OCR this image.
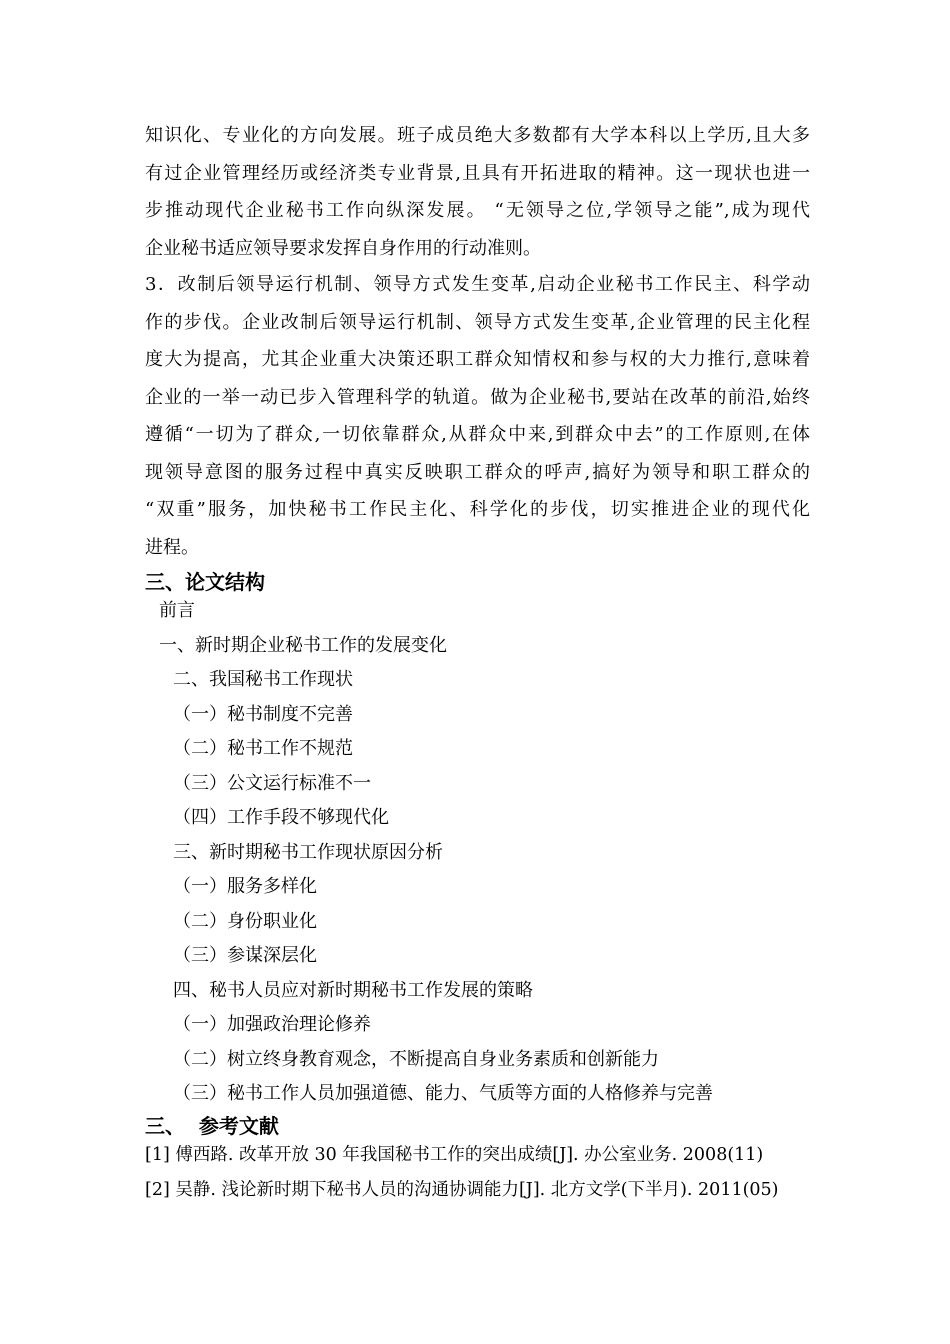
知识化、专业化的方向发展。班子成员绝大多数都有大学本科以上学历,且大多
有过企业管理经历或经济类专业背景,且具有开拓进取的精神。这一现状也进一
步推动现代企业秘书工作向纵深发展。 “无领导之位,学领导之能”,成为现代
企业秘书适应领导要求发挥自身作用的行动准则。
3．改制后领导运行机制、领导方式发生变革,启动企业秘书工作民主、科学动
作的步伐。企业改制后领导运行机制、领导方式发生变革,企业管理的民主化程
度大为提高，尤其企业重大决策还职工群众知情权和参与权的大力推行,意味着
企业的一举一动已步入管理科学的轨道。做为企业秘书,要站在改革的前沿,始终
遵循“一切为了群众,一切依靠群众,从群众中来,到群众中去”的工作原则,在体
现领导意图的服务过程中真实反映职工群众的呼声,搞好为领导和职工群众的
“双重”服务，加快秘书工作民主化、科学化的步伐，切实推进企业的现代化
进程。
三、论文结构
前言
一、新时期企业秘书工作的发展变化
二、我国秘书工作现状
（一）秘书制度不完善
（二）秘书工作不规范
（三）公文运行标准不一
（四）工作手段不够现代化
三、新时期秘书工作现状原因分析
（一）服务多样化
（二）身份职业化
（三）参谋深层化
四、秘书人员应对新时期秘书工作发展的策略
（一）加强政治理论修养
（二）树立终身教育观念，不断提高自身业务素质和创新能力
（三）秘书工作人员加强道德、能力、气质等方面的人格修养与完善
三、  参考文献
[1] 傅西路. 改革开放 30 年我国秘书工作的突出成绩[J]. 办公室业务. 2008(11)
[2] 吴静. 浅论新时期下秘书人员的沟通协调能力[J]. 北方文学(下半月). 2011(05)
